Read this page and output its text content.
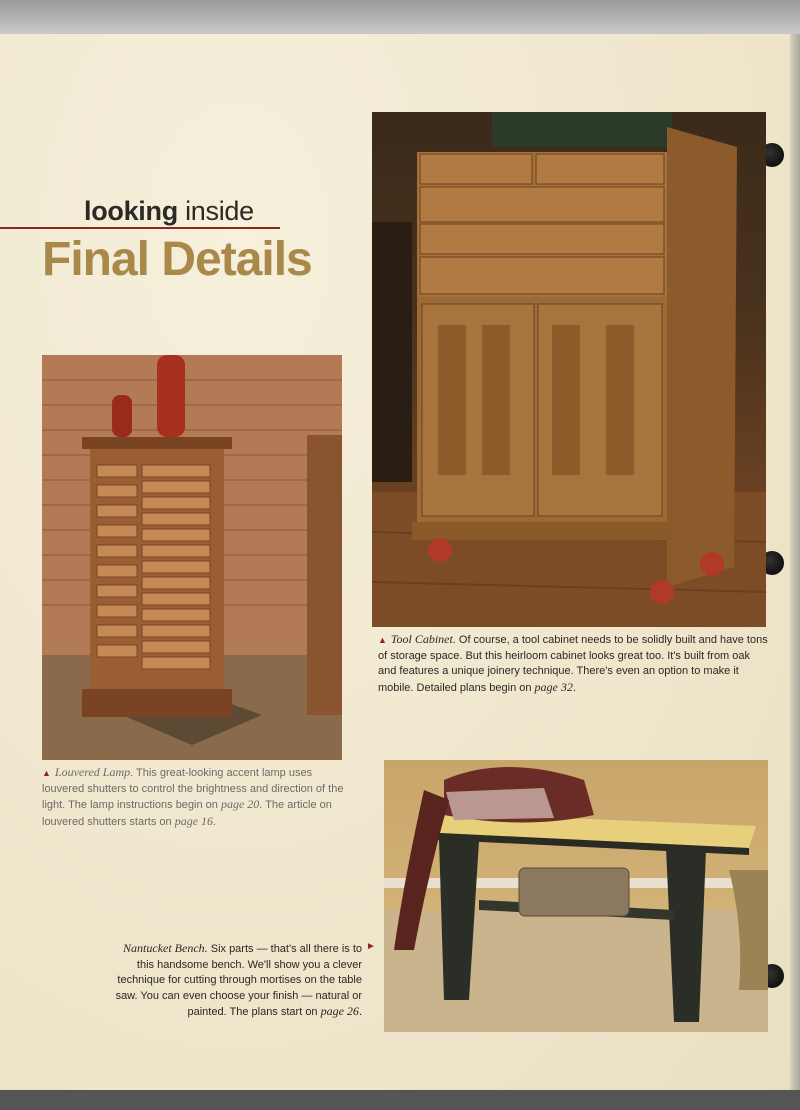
looking inside
Final Details
▲ Tool Cabinet. Of course, a tool cabinet needs to be solidly built and have tons of storage space. But this heirloom cabinet looks great too. It's built from oak and features a unique joinery technique. There's even an option to make it mobile. Detailed plans begin on page 32.
▲ Louvered Lamp. This great-looking accent lamp uses louvered shutters to control the brightness and direction of the light. The lamp instructions begin on page 20. The article on louvered shutters starts on page 16.
Nantucket Bench. Six parts — that's all there is to this handsome bench. We'll show you a clever technique for cutting through mortises on the table saw. You can even choose your finish — natural or painted. The plans start on page 26.
►
